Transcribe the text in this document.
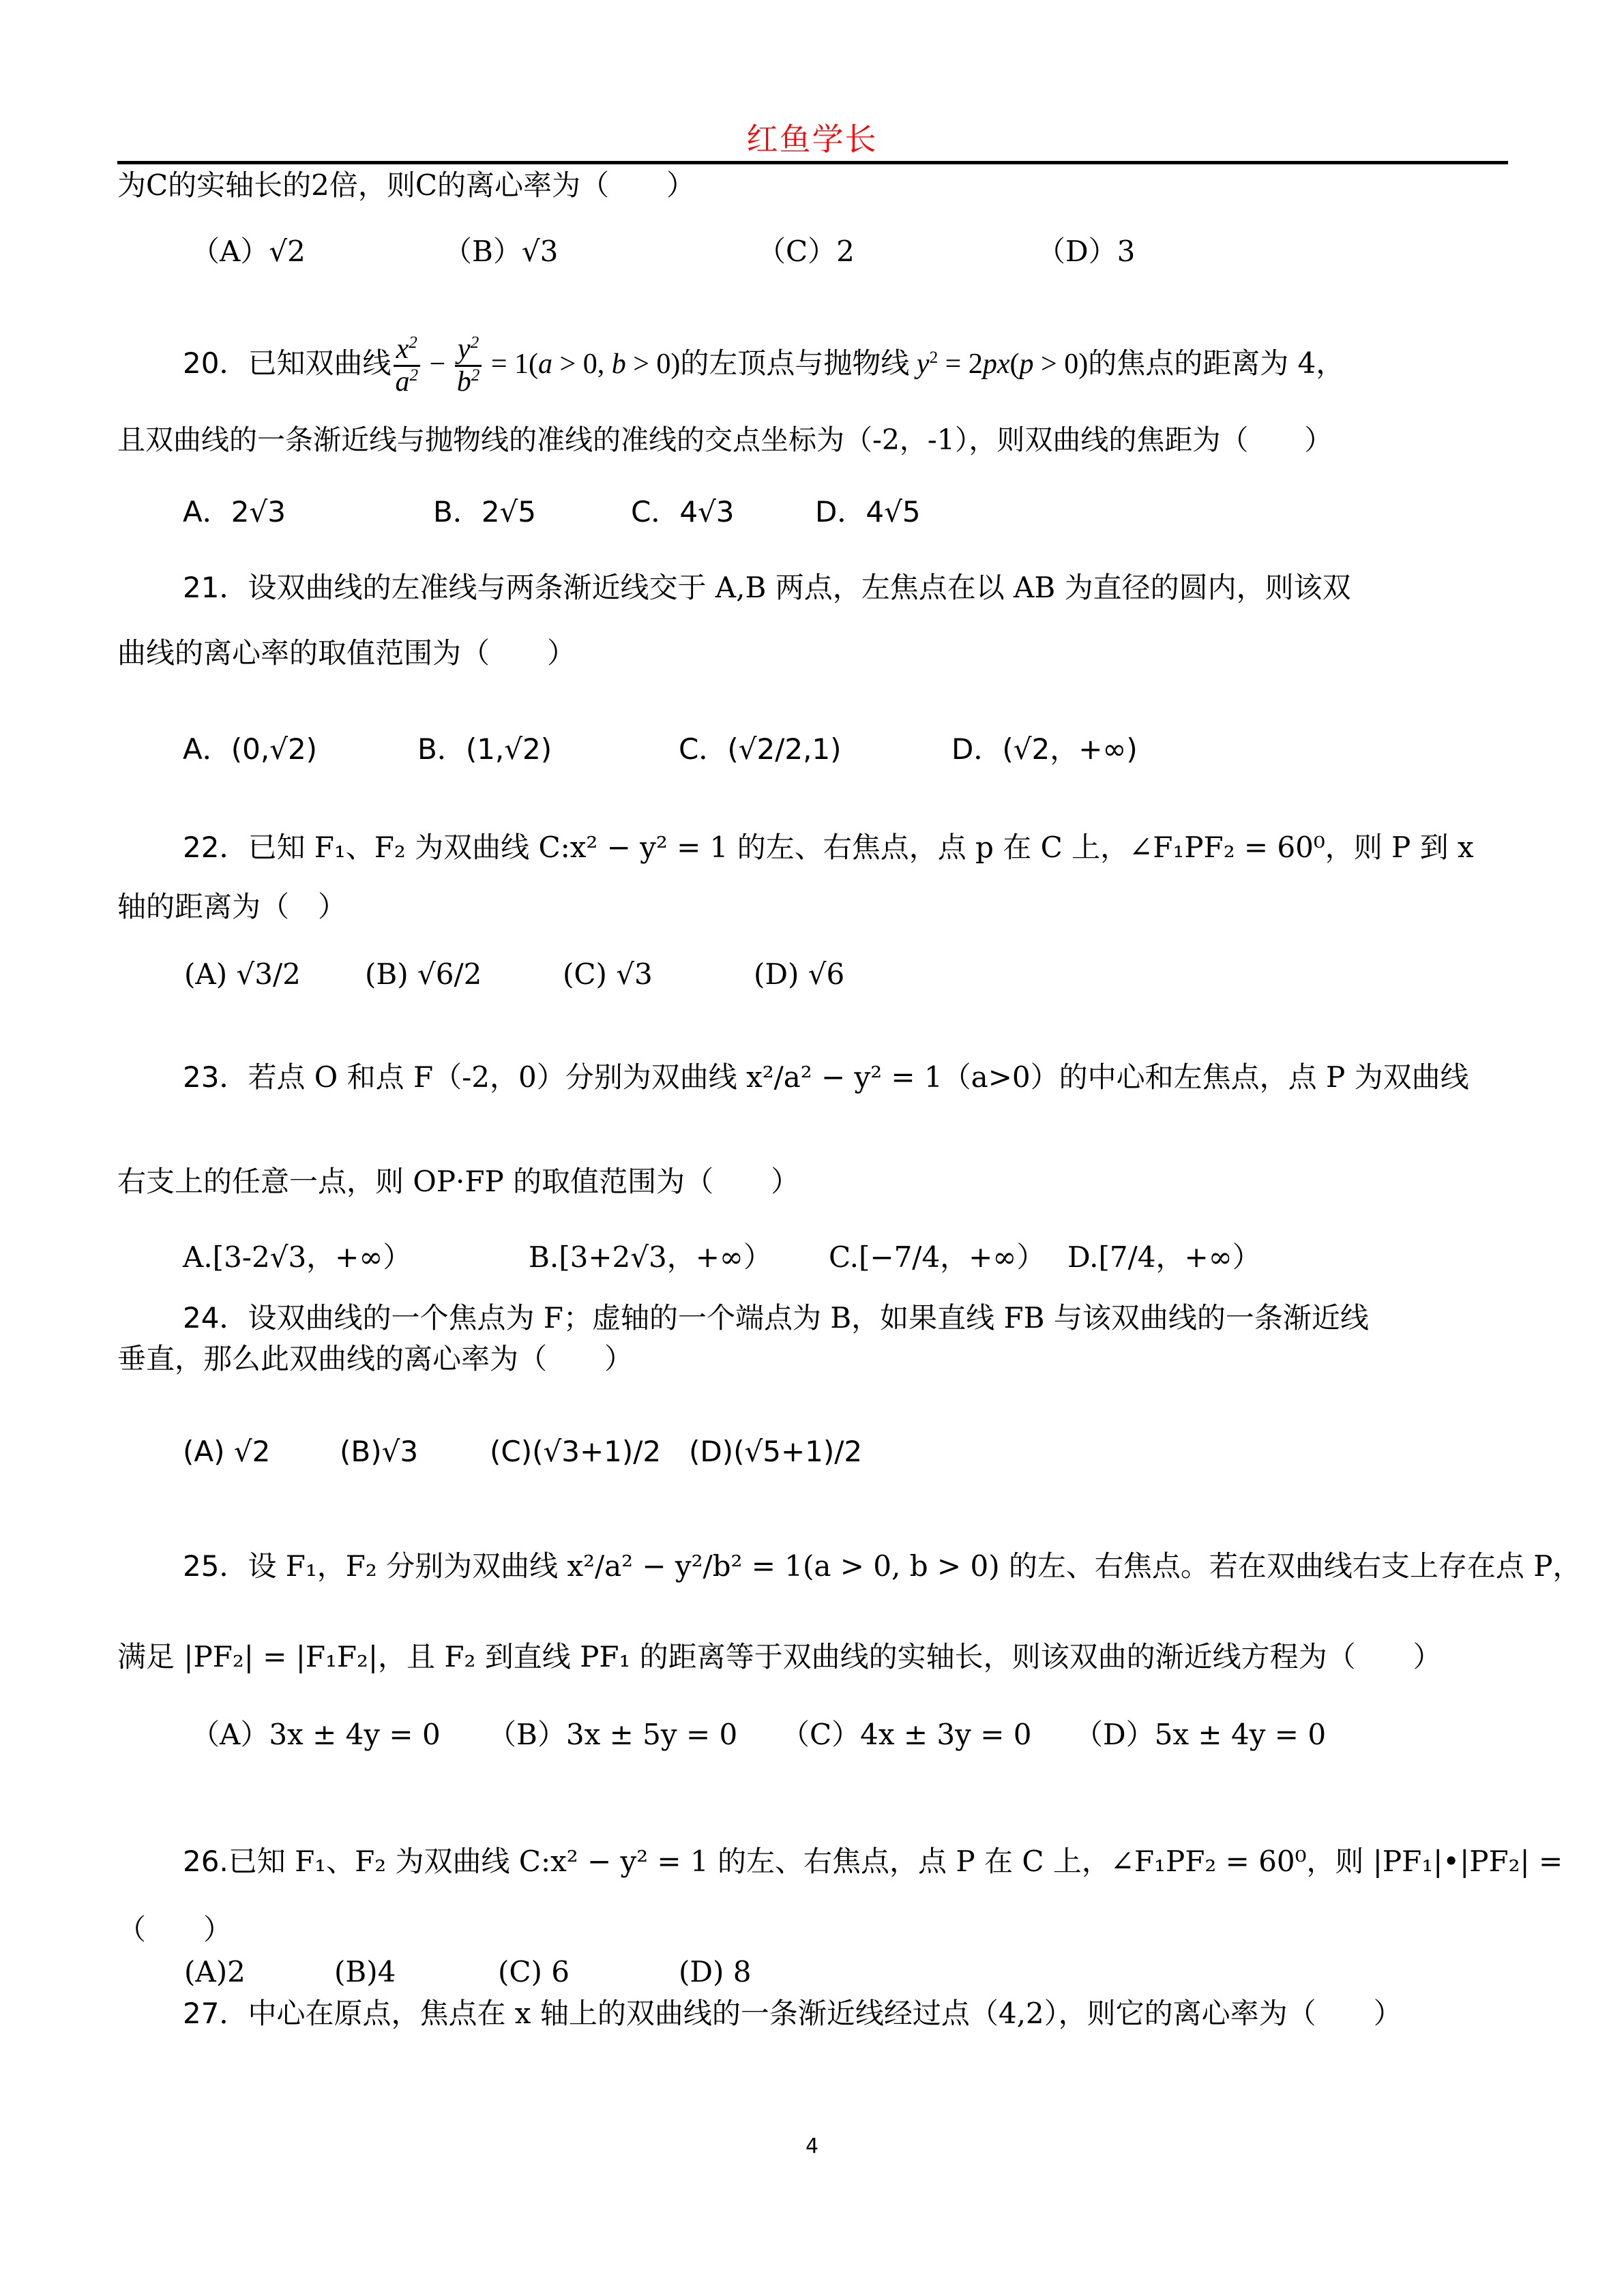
红鱼学长
为C的实轴长的2倍，则C的离心率为（　　）
（A）√2	（B）√3	（C）2	（D）3
20．已知双曲线 $\frac{x^2}{a^2} - \frac{y^2}{b^2} = 1(a > 0$, b > 0)的左顶点与抛物线 $y^2 = 2px(p > 0)$的焦点的距离为 4，
且双曲线的一条渐近线与抛物线的准线的准线的交点坐标为（-2，-1），则双曲线的焦距为（　　）
A．2√3	B．2√5	C．4√3	D．4√5
21．设双曲线的左准线与两条渐近线交于 A,B 两点，左焦点在以 AB 为直径的圆内，则该双
曲线的离心率的取值范围为（　　）
A．(0,√2)	B．(1,√2)	C．(√2/2,1)	D．(√2，+∞)
22．已知 F₁、F₂ 为双曲线 C:x² − y² = 1 的左、右焦点，点 p 在 C 上，∠F₁PF₂ = 60⁰，则 P 到 x
轴的距离为（　）
(A) √3/2 (B) √6/2	(C) √3	(D) √6
23．若点 O 和点 F（-2，0）分别为双曲线 x²/a² − y² = 1（a>0）的中心和左焦点，点 P 为双曲线
右支上的任意一点，则 OP·FP 的取值范围为（　　）
A.[3-2√3，+∞）	B.[3+2√3，+∞） C.[−7/4，+∞） D.[7/4，+∞）
24．设双曲线的一个焦点为 F；虚轴的一个端点为 B，如果直线 FB 与该双曲线的一条渐近线
垂直，那么此双曲线的离心率为（　　）
(A) √2 (B)√3 (C)(√3+1)/2 (D)(√5+1)/2
25．设 F₁，F₂ 分别为双曲线 x²/a² − y²/b² = 1(a > 0, b > 0) 的左、右焦点。若在双曲线右支上存在点 P，
满足 |PF₂| = |F₁F₂|，且 F₂ 到直线 PF₁ 的距离等于双曲线的实轴长，则该双曲的渐近线方程为（　　）
（A）3x ± 4y = 0 （B）3x ± 5y = 0 （C）4x ± 3y = 0 （D）5x ± 4y = 0
26.已知 F₁、F₂ 为双曲线 C:x² − y² = 1 的左、右焦点，点 P 在 C 上，∠F₁PF₂ = 60⁰，则 |PF₁|•|PF₂| =
（　　）
(A)2	(B)4	(C) 6	(D) 8
27．中心在原点，焦点在 x 轴上的双曲线的一条渐近线经过点（4,2），则它的离心率为（　　）
4
